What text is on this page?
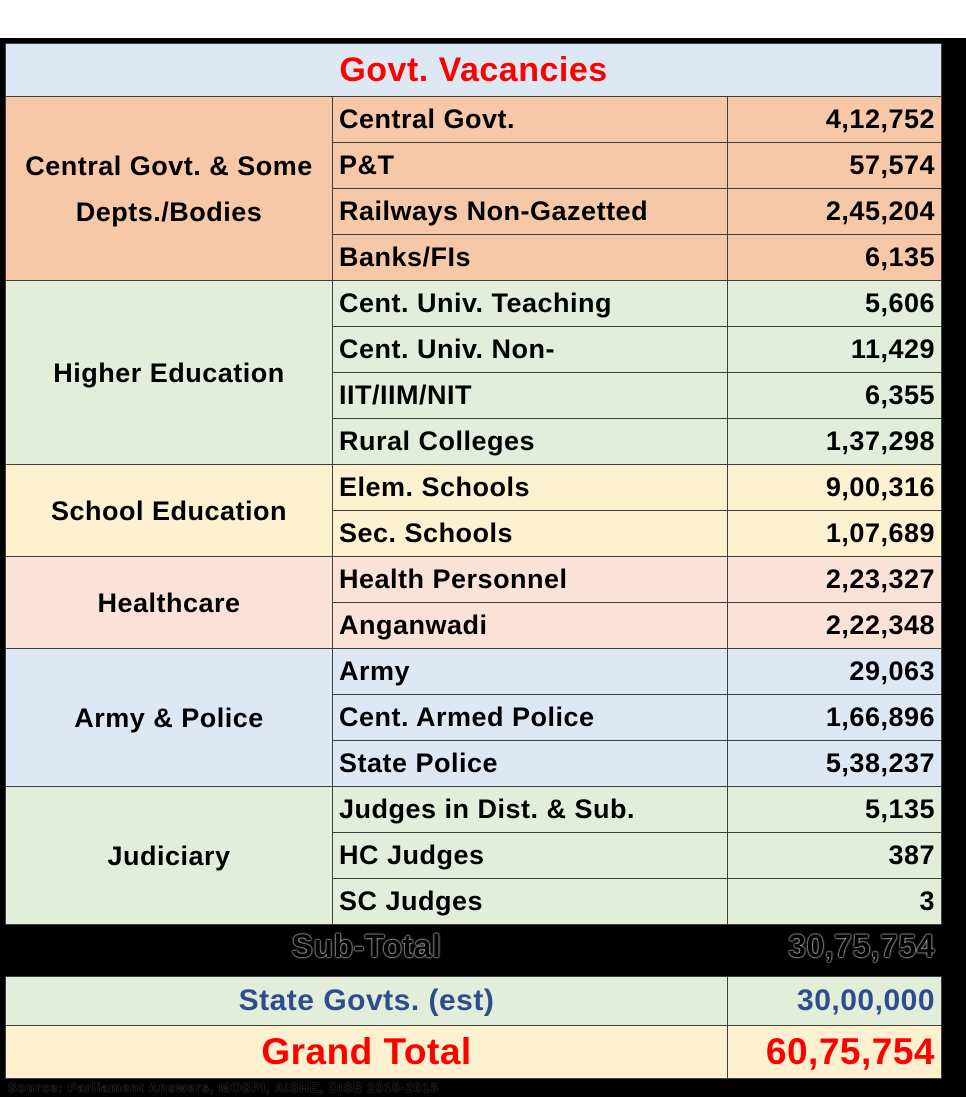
Govt. Vacancies		
Central Govt. & Some Depts./Bodies	Central Govt.	4,12,752
	P&T	57,574
	Railways Non-Gazetted	2,45,204
	Banks/FIs	6,135
Higher Education	Cent. Univ. Teaching	5,606
	Cent. Univ. Non-	11,429
	IIT/IIM/NIT	6,355
	Rural Colleges	1,37,298
School Education	Elem. Schools	9,00,316
	Sec. Schools	1,07,689
Healthcare	Health Personnel	2,23,327
	Anganwadi	2,22,348
Army & Police	Army	29,063
	Cent. Armed Police	1,66,896
	State Police	5,38,237
Judiciary	Judges in Dist. & Sub.	5,135
	HC Judges	387
	SC Judges	3
Sub-Total		30,75,754

State Govts. (est)		30,00,000
Grand Total		60,75,754
Source: Parliament Answers, MOSPI, AISHE, DISE 2015-2016
